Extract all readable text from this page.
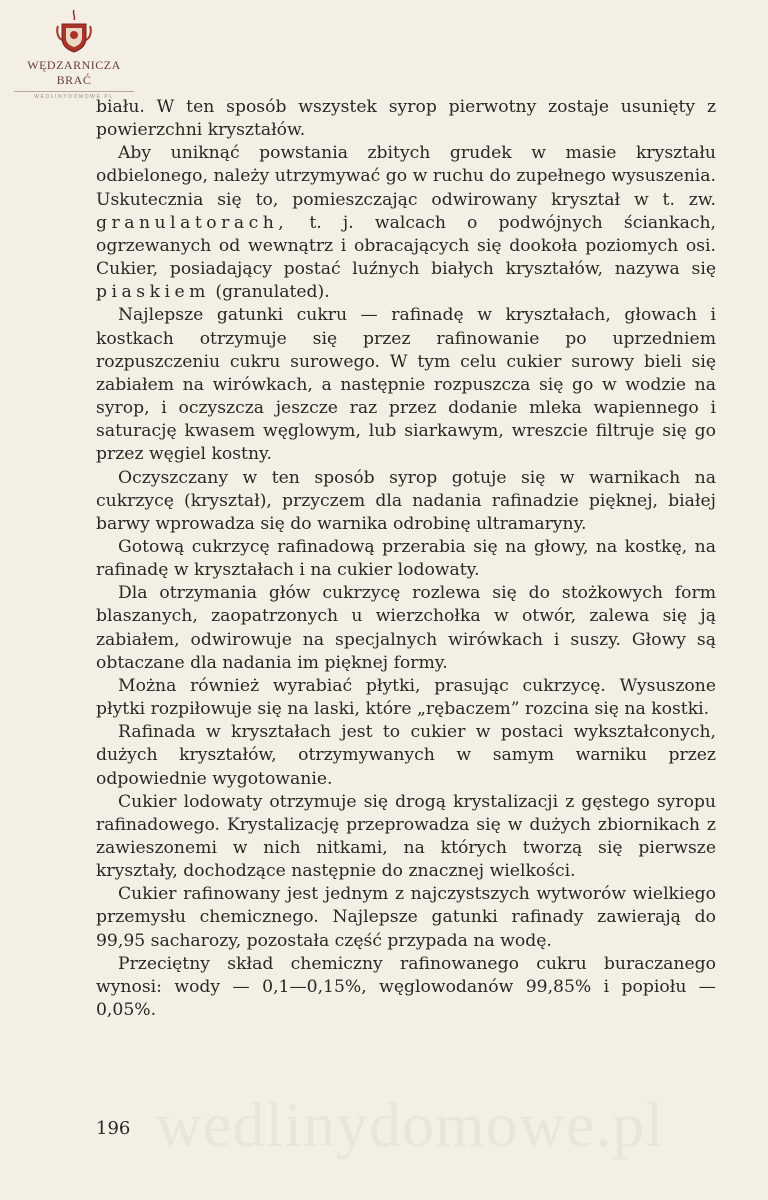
WĘDZARNICZA BRAĆ
WEDLINYDOMOWE.PL

biału. W ten sposób wszystek syrop pierwotny zostaje usunięty z powierzchni kryształów.

Aby uniknąć powstania zbitych grudek w masie kryształu odbielonego, należy utrzymywać go w ruchu do zupełnego wysuszenia. Uskutecznia się to, pomieszczając odwirowany kryształ w t. zw. granulatorach, t. j. walcach o podwójnych ściankach, ogrzewanych od wewnątrz i obracających się dookoła poziomych osi. Cukier, posiadający postać luźnych białych kryształów, nazywa się piaskiem (granulated).

Najlepsze gatunki cukru — rafinadę w kryształach, głowach i kostkach otrzymuje się przez rafinowanie po uprzedniem rozpuszczeniu cukru surowego. W tym celu cukier surowy bieli się zabiałem na wirówkach, a następnie rozpuszcza się go w wodzie na syrop, i oczyszcza jeszcze raz przez dodanie mleka wapiennego i saturację kwasem węglowym, lub siarkawym, wreszcie filtruje się go przez węgiel kostny.

Oczyszczany w ten sposób syrop gotuje się w warnikach na cukrzycę (kryształ), przyczem dla nadania rafinadzie pięknej, białej barwy wprowadza się do warnika odrobinę ultramaryny.

Gotową cukrzycę rafinadową przerabia się na głowy, na kostkę, na rafinadę w kryształach i na cukier lodowaty.

Dla otrzymania głów cukrzycę rozlewa się do stożkowych form blaszanych, zaopatrzonych u wierzchołka w otwór, zalewa się ją zabiałem, odwirowuje na specjalnych wirówkach i suszy. Głowy są obtaczane dla nadania im pięknej formy.

Można również wyrabiać płytki, prasując cukrzycę. Wysuszone płytki rozpiłowuje się na laski, które „rębaczem” rozcina się na kostki.

Rafinada w kryształach jest to cukier w postaci wykształconych, dużych kryształów, otrzymywanych w samym warniku przez odpowiednie wygotowanie.

Cukier lodowaty otrzymuje się drogą krystalizacji z gęstego syropu rafinadowego. Krystalizację przeprowadza się w dużych zbiornikach z zawieszonemi w nich nitkami, na których tworzą się pierwsze kryształy, dochodzące następnie do znacznej wielkości.

Cukier rafinowany jest jednym z najczystszych wytworów wielkiego przemysłu chemicznego. Najlepsze gatunki rafinady zawierają do 99,95 sacharozy, pozostała część przypada na wodę.

Przeciętny skład chemiczny rafinowanego cukru buraczanego wynosi: wody — 0,1—0,15%, węglowodanów 99,85% i popiołu — 0,05%.

wedlinydomowe.pl
196
